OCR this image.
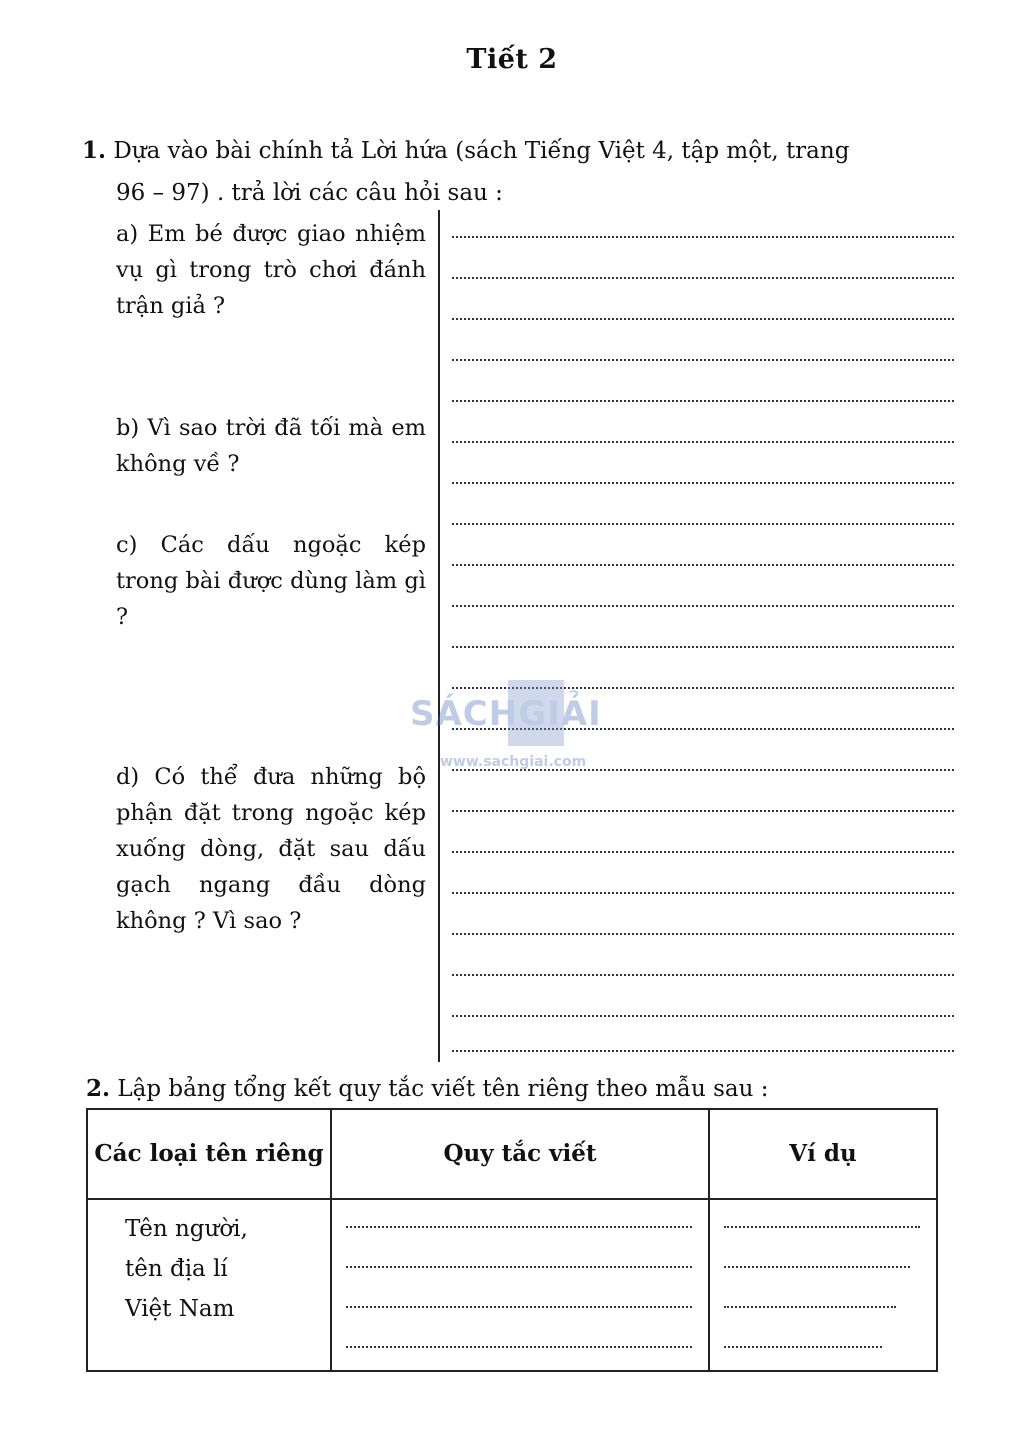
Tiết 2
1. Dựa vào bài chính tả Lời hứa (sách Tiếng Việt 4, tập một, trang
96 – 97) . trả lời các câu hỏi sau :
a) Em bé được giao nhiệm vụ gì trong trò chơi đánh trận giả ?
b) Vì sao trời đã tối mà em không về ?
c) Các dấu ngoặc kép trong bài được dùng làm gì ?
d) Có thể đưa những bộ phận đặt trong ngoặc kép xuống dòng, đặt sau dấu gạch ngang đầu dòng không ? Vì sao ?
SÁCHGIẢI
www.sachgiai.com
2. Lập bảng tổng kết quy tắc viết tên riêng theo mẫu sau :
Các loại tên riêng	Quy tắc viết	Ví dụ

Tên người,
tên địa lí
Việt Nam		
